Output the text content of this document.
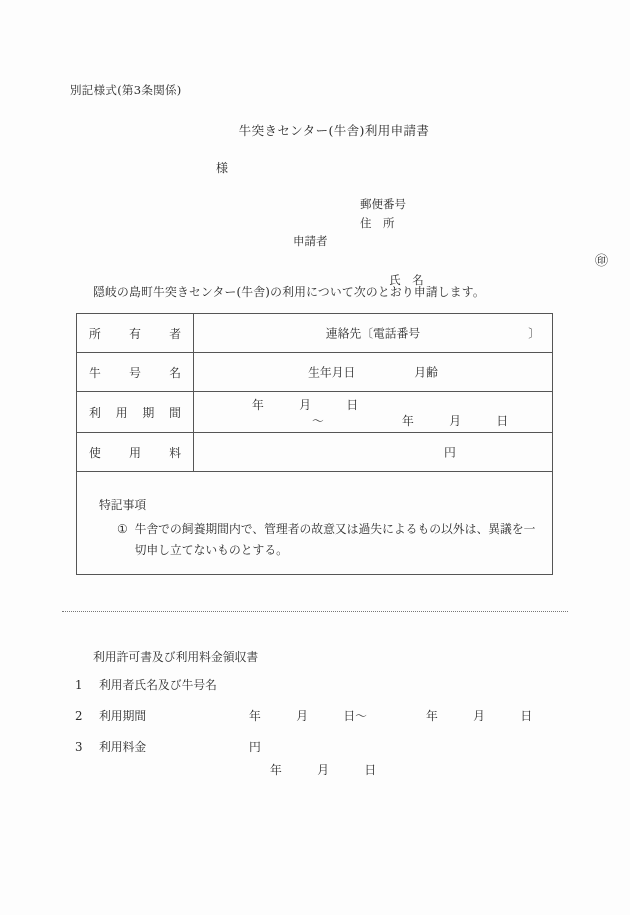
別記様式(第3条関係)
牛突きセンター(牛舎)利用申請書
様
申請者
郵便番号
住　所

氏　名

㊞

隠岐の島町牛突きセンター(牛舎)の利用について次のとおり申請します。
所 有 者	連絡先〔電話番号 〕

牛 号 名	生年月日　　　　　月齢

利 用 期 間	年　　　月　　　日
～ 年　　　月　　　日

使 用 料	円

特記事項
① 牛舎での飼養期間内で、管理者の故意又は過失によるもの以外は、異議を一切申し立てないものとする。	
利用許可書及び利用料金領収書
1	利用者氏名及び牛号名
2	利用期間	年　　　月　　　日～　　　　　年　　　月　　　日
3	利用料金	円
年　　　月　　　日
